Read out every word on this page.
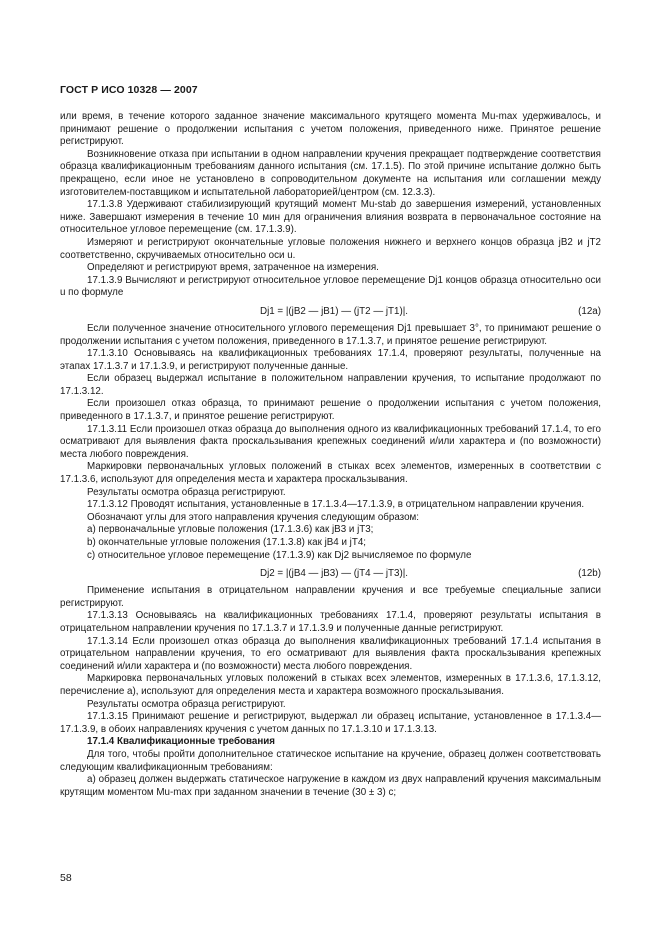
ГОСТ Р ИСО 10328 — 2007

или время, в течение которого заданное значение максимального крутящего момента Mu-max удерживалось, и принимают решение о продолжении испытания с учетом положения, приведенного ниже. Принятое решение регистрируют.

Возникновение отказа при испытании в одном направлении кручения прекращает подтверждение соответствия образца квалификационным требованиям данного испытания (см. 17.1.5). По этой причине испытание должно быть прекращено, если иное не установлено в сопроводительном документе на испытания или соглашении между изготовителем-поставщиком и испытательной лабораторией/центром (см. 12.3.3).

17.1.3.8 Удерживают стабилизирующий крутящий момент Mu-stab до завершения измерений, установленных ниже. Завершают измерения в течение 10 мин для ограничения влияния возврата в первоначальное состояние на относительное угловое перемещение (см. 17.1.3.9).

Измеряют и регистрируют окончательные угловые положения нижнего и верхнего концов образца jB2 и jT2 соответственно, скручиваемых относительно оси u.

Определяют и регистрируют время, затраченное на измерения.

17.1.3.9 Вычисляют и регистрируют относительное угловое перемещение Dj1 концов образца относительно оси u по формуле

Dj1 = |(jB2 — jB1) — (jT2 — jT1)|.	(12a)

Если полученное значение относительного углового перемещения Dj1 превышает 3°, то принимают решение о продолжении испытания с учетом положения, приведенного в 17.1.3.7, и принятое решение регистрируют.

17.1.3.10 Основываясь на квалификационных требованиях 17.1.4, проверяют результаты, полученные на этапах 17.1.3.7 и 17.1.3.9, и регистрируют полученные данные.

Если образец выдержал испытание в положительном направлении кручения, то испытание продолжают по 17.1.3.12.

Если произошел отказ образца, то принимают решение о продолжении испытания с учетом положения, приведенного в 17.1.3.7, и принятое решение регистрируют.

17.1.3.11 Если произошел отказ образца до выполнения одного из квалификационных требований 17.1.4, то его осматривают для выявления факта проскальзывания крепежных соединений и/или характера и (по возможности) места любого повреждения.

Маркировки первоначальных угловых положений в стыках всех элементов, измеренных в соответствии с 17.1.3.6, используют для определения места и характера проскальзывания.

Результаты осмотра образца регистрируют.

17.1.3.12 Проводят испытания, установленные в 17.1.3.4—17.1.3.9, в отрицательном направлении кручения.

Обозначают углы для этого направления кручения следующим образом:

a) первоначальные угловые положения (17.1.3.6) как jB3 и jT3;

b) окончательные угловые положения (17.1.3.8) как jB4 и jT4;

c) относительное угловое перемещение (17.1.3.9) как Dj2 вычисляемое по формуле

Dj2 = |(jB4 — jB3) — (jT4 — jT3)|.	(12b)

Применение испытания в отрицательном направлении кручения и все требуемые специальные записи регистрируют.

17.1.3.13 Основываясь на квалификационных требованиях 17.1.4, проверяют результаты испытания в отрицательном направлении кручения по 17.1.3.7 и 17.1.3.9 и полученные данные регистрируют.

17.1.3.14 Если произошел отказ образца до выполнения квалификационных требований 17.1.4 испытания в отрицательном направлении кручения, то его осматривают для выявления факта проскальзывания крепежных соединений и/или характера и (по возможности) места любого повреждения.

Маркировка первоначальных угловых положений в стыках всех элементов, измеренных в 17.1.3.6, 17.1.3.12, перечисление а), используют для определения места и характера возможного проскальзывания.

Результаты осмотра образца регистрируют.

17.1.3.15 Принимают решение и регистрируют, выдержал ли образец испытание, установленное в 17.1.3.4—17.1.3.9, в обоих направлениях кручения с учетом данных по 17.1.3.10 и 17.1.3.13.

17.1.4 Квалификационные требования

Для того, чтобы пройти дополнительное статическое испытание на кручение, образец должен соответствовать следующим квалификационным требованиям:

a) образец должен выдержать статическое нагружение в каждом из двух направлений кручения максимальным крутящим моментом Mu-max при заданном значении в течение (30 ± 3) с;

58
